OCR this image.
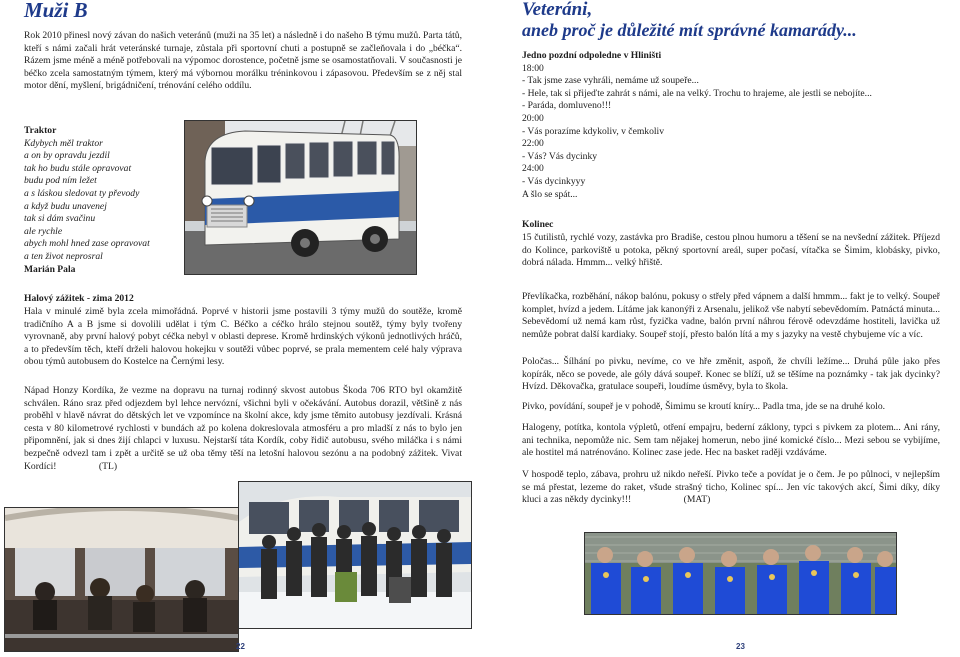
Muži B

Rok 2010 přinesl nový závan do našich veteránů (muži na 35 let) a následně i do našeho B týmu mužů. Parta tátů, kteří s námi začali hrát veteránské turnaje, zůstala při sportovní chuti a postupně se začleňovala i do „béčka“. Rázem jsme méně a méně potřebovali na výpomoc dorostence, početně jsme se osamostatňovali. V současnosti je béčko zcela samostatným týmem, který má výbornou morálku tréninkovou i zápasovou. Především se z něj stal motor dění, myšlení, brigádničení, trénování celého oddílu.

Traktor
Kdybych měl traktor
a on by opravdu jezdil
tak ho budu stále opravovat
budu pod ním ležet
a s láskou sledovat ty převody
a když budu unavenej
tak si dám svačinu
ale rychle
abych mohl hned zase opravovat
a ten život neprosral
Marián Pala

Halový zážitek - zima 2012

Hala v minulé zimě byla zcela mimořádná. Poprvé v historii jsme postavili 3 týmy mužů do soutěže, kromě tradičního A a B jsme si dovolili udělat i tým C. Béčko a céčko hrálo stejnou soutěž, týmy byly tvořeny vyrovnaně, aby první halový pobyt céčka nebyl v oblasti deprese. Kromě hrdinských výkonů jednotlivých hráčů, a to především těch, kteří drželi halovou hokejku v soutěži vůbec poprvé, se prala mementem celé haly výprava obou týmů autobusem do Kostelce na Černými lesy.

Nápad Honzy Kordíka, že vezme na dopravu na turnaj rodinný skvost autobus Škoda 706 RTO byl okamžitě schválen. Ráno sraz před odjezdem byl lehce nervózní, všichni byli v očekávání. Autobus dorazil, většině z nás proběhl v hlavě návrat do dětských let ve vzpomínce na školní akce, kdy jsme těmito autobusy jezdívali. Krásná cesta v 80 kilometrové rychlosti v bundách až po kolena dokreslovala atmosféru a pro mladší z nás to bylo jen připomnění, jak si dnes žijí chlapci v luxusu. Nejstarší táta Kordík, coby řidič autobusu, svého miláčka i s námi bezpečně odvezl tam i zpět a určitě se už oba těmy těší na letošní halovou sezónu a na podobný zážitek. Vivat Kordíci!	(TL)

22
Veteráni,
aneb proč je důležité mít správné kamarády...
Jedno pozdní odpoledne v Hliništi
18:00
- Tak jsme zase vyhráli, nemáme už soupeře...
- Hele, tak si přijeďte zahrát s námi, ale na velký. Trochu to hrajeme, ale jestli se nebojíte...
- Paráda, domluveno!!!
20:00
- Vás porazíme kdykoliv, v čemkoliv
22:00
- Vás? Vás dycinky
24:00
- Vás dycinkyyy
A šlo se spát...

Kolinec

15 čutilistů, rychlé vozy, zastávka pro Bradiše, cestou plnou humoru a těšení se na nevšední zážitek. Příjezd do Kolince, parkoviště u potoka, pěkný sportovní areál, super počasí, vítačka se Šimim, klobásky, pivko, dobrá nálada. Hmmm... velký hřiště.

Převlíkačka, rozběhání, nákop balónu, pokusy o střely před vápnem a další hmmm... fakt je to velký. Soupeř komplet, hvízd a jedem. Lítáme jak kanonýři z Arsenalu, jelikož vše nabytí sebevědomím. Patnáctá minuta... Sebevědomí už nemá kam růst, fyzička vadne, balón první náhrou férově odevzdáme hostiteli, lavička už nemůže pobrat další kardiaky. Soupeř stojí, přesto balón lítá a my s jazyky na vestě chybujeme víc a víc.

Poločas... Šílhání po pivku, nevíme, co ve hře změnit, aspoň, že chvíli ležíme... Druhá půle jako přes kopírák, něco se povede, ale góly dává soupeř. Konec se blíží, už se těšíme na poznámky - tak jak dycinky? Hvízd. Děkovačka, gratulace soupeři, loudíme úsměvy, byla to škola.

Pivko, povídání, soupeř je v pohodě, Šimimu se kroutí knírу... Padla tma, jde se na druhé kolo.

Halogeny, potítka, kontola výpletů, otření empajru, bederní záklony, typci s pivkem za plotem... Ani rány, ani technika, nepomůže nic. Sem tam nějakej homerun, nebo jiné komické číslo... Mezi sebou se vybijíme, ale hostitel má natrénováno. Kolinec zase jede. Hec na basket raději vzdáváme.

V hospodě teplo, zábava, prohru už nikdo neřeší. Pivko teče a povídat je o čem. Je po půlnoci, v nejlepším se má přestat, lezeme do raket, všude strašný ticho, Kolinec spí... Jen víc takových akcí, Šimi díky, díky kluci a zas někdy dycinky!!!	(MAT)

23
